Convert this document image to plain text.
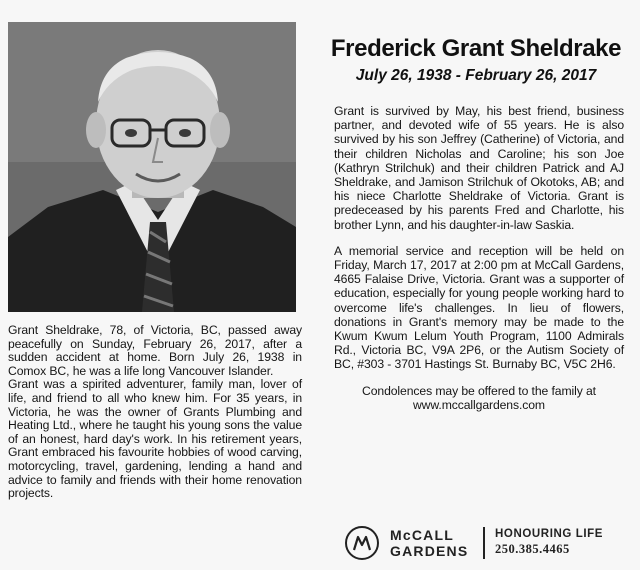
Grant Sheldrake, 78, of Victoria, BC, passed away peacefully on Sunday, February 26, 2017, after a sudden accident at home. Born July 26, 1938 in Comox BC, he was a life long Vancouver Islander.

Grant was a spirited adventurer, family man, lover of life, and friend to all who knew him. For 35 years, in Victoria, he was the owner of Grants Plumbing and Heating Ltd., where he taught his young sons the value of an honest, hard day's work. In his retirement years, Grant embraced his favourite hobbies of wood carving, motorcycling, travel, gardening, lending a hand and advice to family and friends with their home renovation projects.

Frederick Grant Sheldrake
July 26, 1938 - February 26, 2017

Grant is survived by May, his best friend, business partner, and devoted wife of 55 years. He is also survived by his son Jeffrey (Catherine) of Victoria, and their children Nicholas and Caroline; his son Joe (Kathryn Strilchuk) and their children Patrick and AJ Sheldrake, and Jamison Strilchuk of Okotoks, AB; and his niece Charlotte Sheldrake of Victoria. Grant is predeceased by his parents Fred and Charlotte, his brother Lynn, and his daughter-in-law Saskia.

A memorial service and reception will be held on Friday, March 17, 2017 at 2:00 pm at McCall Gardens, 4665 Falaise Drive, Victoria. Grant was a supporter of education, especially for young people working hard to overcome life's challenges. In lieu of flowers, donations in Grant's memory may be made to the Kwum Kwum Lelum Youth Program, 1100 Admirals Rd., Victoria BC, V9A 2P6, or the Autism Society of BC, #303 - 3701 Hastings St. Burnaby BC, V5C 2H6.

Condolences may be offered to the family at
www.mccallgardens.com

McCALL
GARDENS
HONOURING LIFE
250.385.4465
